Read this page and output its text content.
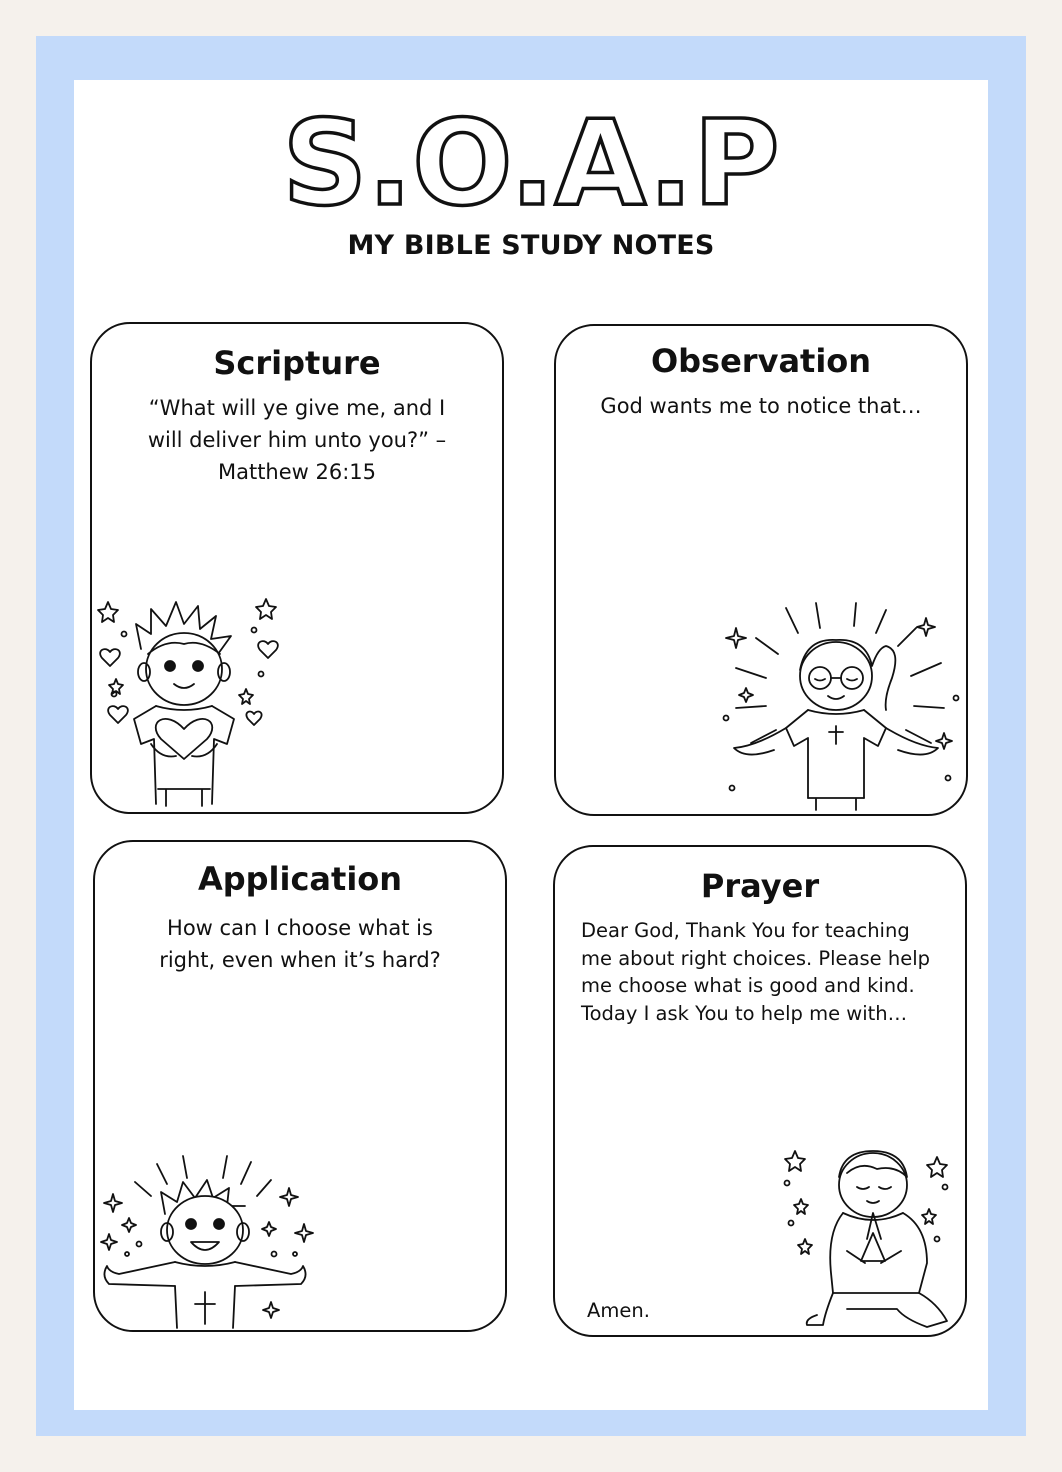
S.O.A.P
MY BIBLE STUDY NOTES
Scripture
“What will ye give me, and I
will deliver him unto you?” –
Matthew 26:15
Observation
God wants me to notice that…
Application
How can I choose what is
right, even when it’s hard?
Prayer
Dear God, Thank You for teaching
me about right choices. Please help
me choose what is good and kind.
Today I ask You to help me with…
Amen.
